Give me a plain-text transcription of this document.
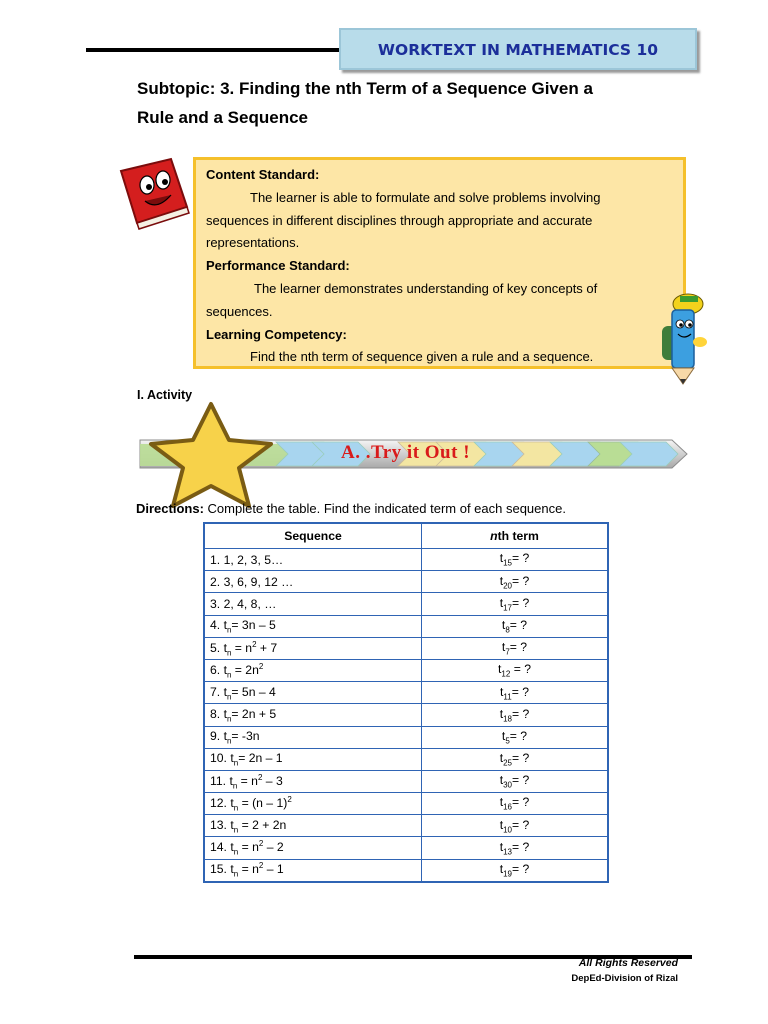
WORKTEXT IN MATHEMATICS 10
Subtopic: 3. Finding the nth Term of a Sequence Given a
Rule and a Sequence
Content Standard:
The learner is able to formulate and solve problems involving
sequences in different disciplines through appropriate and accurate
representations.
Performance Standard:
The learner demonstrates understanding of key concepts of
sequences.
Learning Competency:
Find the nth term of sequence given a rule and a sequence.
I. Activity
A. .Try it Out !
Directions: Complete the table. Find the indicated term of each sequence.
Sequence	nth term
1. 1, 2, 3, 5…	$t_{15}=$ ?
2. 3, 6, 9, 12 …	$t_{20}=$ ?
3. 2, 4, 8, …	$t_{17}=$ ?
4. $t_n= 3n - 5$	$t_8=$ ?
5. $t_n = n^2 + 7$	$t_7=$ ?
6. $t_n = 2n^2$	$t_{12}$ = ?
7. $t_n= 5n - 4$	$t_{11}=$ ?
8. $t_n= 2n + 5$	$t_{18}=$ ?
9. $t_n= -3n$	$t_5=$ ?
10. $t_n= 2n - 1$	$t_{25}=$ ?
11. $t_n = n^2 - 3$	$t_{30}=$ ?
12. $t_n = (n - 1)^2$	$t_{16}=$ ?
13. $t_n = 2 + 2n$	$t_{10}=$ ?
14. $t_n = n^2 - 2$	$t_{13}=$ ?
15. $t_n = n^2 - 1$	$t_{19}=$ ?
All Rights Reserved
DepEd-Division of Rizal
